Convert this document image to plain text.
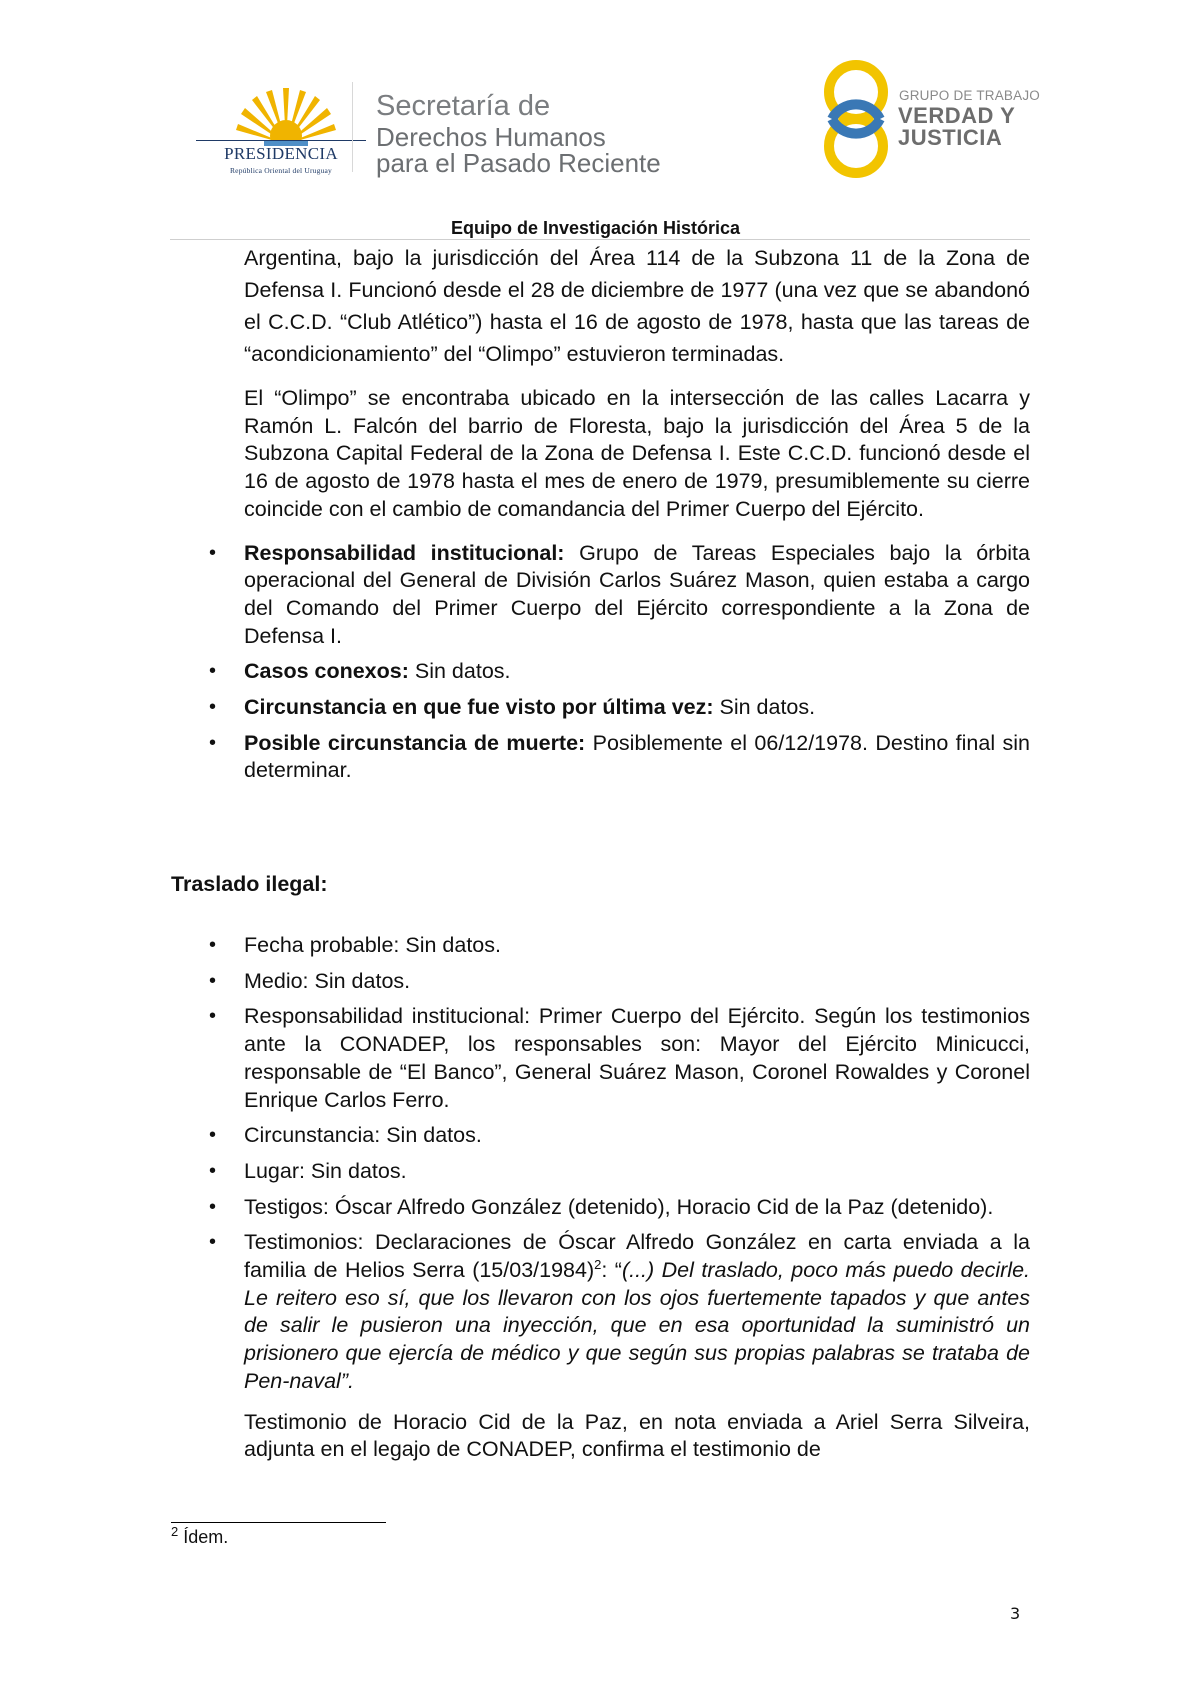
PRESIDENCIA
República Oriental del Uruguay
Secretaría de
Derechos Humanos
para el Pasado Reciente
GRUPO DE TRABAJO
VERDAD Y
JUSTICIA
Equipo de Investigación Histórica

Argentina, bajo la jurisdicción del Área 114 de la Subzona 11 de la Zona de Defensa I. Funcionó desde el 28 de diciembre de 1977 (una vez que se abandonó el C.C.D. “Club Atlético”) hasta el 16 de agosto de 1978, hasta que las tareas de “acondicionamiento” del “Olimpo” estuvieron terminadas.

El “Olimpo” se encontraba ubicado en la intersección de las calles Lacarra y Ramón L. Falcón del barrio de Floresta, bajo la jurisdicción del Área 5 de la Subzona Capital Federal de la Zona de Defensa I. Este C.C.D. funcionó desde el 16 de agosto de 1978 hasta el mes de enero de 1979, presumiblemente su cierre coincide con el cambio de comandancia del Primer Cuerpo del Ejército.

• Responsabilidad institucional: Grupo de Tareas Especiales bajo la órbita operacional del General de División Carlos Suárez Mason, quien estaba a cargo del Comando del Primer Cuerpo del Ejército correspondiente a la Zona de Defensa I.
• Casos conexos: Sin datos.
• Circunstancia en que fue visto por última vez: Sin datos.
• Posible circunstancia de muerte: Posiblemente el 06/12/1978. Destino final sin determinar.
Traslado ilegal:
• Fecha probable: Sin datos.
• Medio: Sin datos.
• Responsabilidad institucional: Primer Cuerpo del Ejército. Según los testimonios ante la CONADEP, los responsables son: Mayor del Ejército Minicucci, responsable de “El Banco”, General Suárez Mason, Coronel Rowaldes y Coronel Enrique Carlos Ferro.
• Circunstancia: Sin datos.
• Lugar: Sin datos.
• Testigos: Óscar Alfredo González (detenido), Horacio Cid de la Paz (detenido).
• Testimonios: Declaraciones de Óscar Alfredo González en carta enviada a la familia de Helios Serra $(15/03/1984)^2$: “(...) Del traslado, poco más puedo decirle. Le reitero eso sí, que los llevaron con los ojos fuertemente tapados y que antes de salir le pusieron una inyección, que en esa oportunidad la suministró un prisionero que ejercía de médico y que según sus propias palabras se trataba de Pen-naval”.

Testimonio de Horacio Cid de la Paz, en nota enviada a Ariel Serra Silveira, adjunta en el legajo de CONADEP, confirma el testimonio de

$^2$ Ídem.
3
